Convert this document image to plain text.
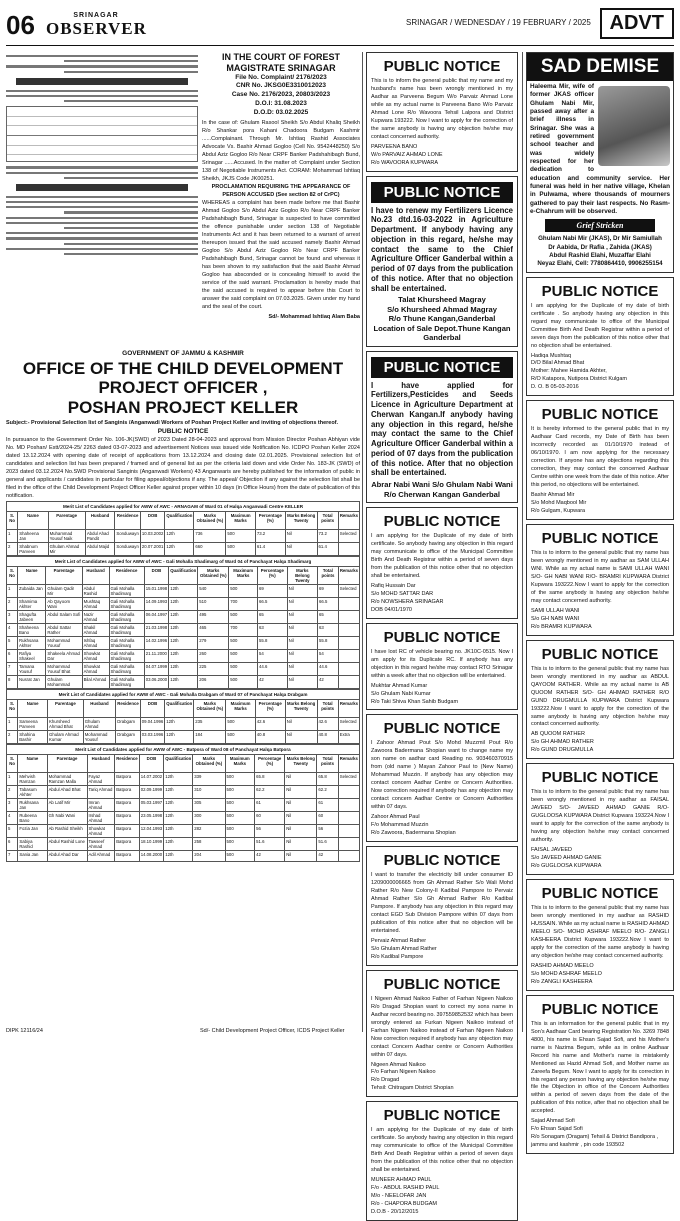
06	SRINAGAR
OBSERVER	SRINAGAR / WEDNESDAY / 19 FEBRUARY / 2025 ADVT
IN THE COURT OF FOREST
MAGISTRATE SRINAGAR
File No. Complaint/ 2176/2023
CNR No. JKSG0E3310012023
Case No. 2176/2023, 20803/2023
D.O.I: 31.08.2023
D.O.D: 03.02.2025
In the case of: Ghulam Rasool Sheikh S/o Abdul Khaliq Sheikh R/o Shankar pora Kahani Chadoora Budgam Kashmir ......Complainant. Through Mr. Ishtiaq Rashid Associates Advocate Vs. Bashir Ahmad Gogloo (Cell No. 9542448250) S/o Abdul Aziz Gogloo R/o Near CRPF Banker Padshahibagh Bund, Srinagar ......Accused. In the matter of: Complaint under Section 138 of Negotiable Instruments Act. CORAM: Mohammad Ishtiaq Sheikh, JKJS Code JK00251.
PROCLAMATION REQUIRING THE APPEARANCE OF PERSON ACCUSED (See section 82 of CrPC)
WHEREAS a complaint has been made before me that Bashir Ahmad Gogloo S/o Abdul Aziz Gogloo R/o Near CRPF Banker Padshahibagh Bund, Srinagar is suspected to have committed the offence punishable under section 138 of Negotiable Instruments Act and it has been returned to a warrant of arrest thereupon issued that the said accused namely Bashir Ahmad Gogloo S/o Abdul Aziz Gogloo R/o Near CRPF Banker Padshahibagh Bund, Srinagar cannot be found and whereas it has been shown to my satisfaction that the said Bashir Ahmad Gogloo has absconded or is concealing himself to avoid the service of the said warrant. Proclamation is hereby made that the said accused is required to appear before this Court to answer the said complaint on 07.03.2025. Given under my hand and the seal of the court.
Sd/- Mohammad Ishtiaq Alam Baba
GOVERNMENT OF JAMMU & KASHMIR
OFFICE OF THE CHILD DEVELOPMENT PROJECT OFFICER ,
POSHAN PROJECT KELLER
Subject:- Provisional Selection list of Sanginis /Anganwadi Workers of Poshan Project Keller and inviting of objections thereof.
PUBLIC NOTICE
In pursuance to the Government Order No. 106-JK(SWD) of 2023 Dated 28-04-2023 and approval from Mission Director Poshan Abhiyan vide No. MD Poshan/ Estt/2024-25/ 2263 dated 03-07-2023 and advertisement Notices was issued vide Notification No. ICDPO Poshan Keller 2024 dated 13.12.2024 with opening date of receipt of applications from 13.12.2024 and closing date 02.01.2025. Provisional selection list of candidates and selection list has been prepared / framed and of general list as per the criteria laid down and vide Order No. 183-JK (SWD) of 2023 dated 03.12.2024 No.SWD Provisional Sanginis (Anganwadi Workers) 43 Anganwaris are hereby published for the information of public in general and applicants / candidates in particular for filing appeal/objections if any. The appeal/ Objection if any against the selection list shall be filed in the office of the Child Development Project Officer Keller against proper within 10 days (in Office Hours) from the date of publication of this notification.
Merit List of Candidates applied for AWW of AWC - ARNAGAM of Ward 01 of Halqa Anganwadi Centre KELLER
S. No	Name	Parentage	Husband	Residence	DOB	Qualification	Marks Obtained (%)	Maximum Marks	Percentage (%)	Marks Belong Twenty	Total points	Remarks
1	Shaheena Jan	Muhammad Yousuf Naik	Abdul Ahad Pandit	Sonduwayn	10.03.2002	12th	736	500	73.2	Nil	73.2	Selected
2	Shabnum Parveen	Ghulam Ahmad Mir	Abdul Majid	Sonduwayn	20.07.2001	12th	660	500	61.4	Nil	61.4	
Merit List of Candidates applied for AWW of AWC - Gali Mohalla Shadimarg of Ward 04 of Panchayat Halqa Shadimarg
S. No	Name	Parentage	Husband	Residence	DOB	Qualification	Marks Obtained (%)	Maximum Marks	Percentage (%)	Marks Belong Twenty	Total points	Remarks
1	Zubaida Jan	Ghulam Qadir Mir	Abdul Rashid	Gali Mohalla Shadimarg	15.01.1998	12th	540	500	69	Nil	69	Selected
2	Shamima Akhter	Ab Qayoom Wani	Mushtaq Ahmad	Gali Mohalla Shadimarg	14.09.1993	12th	510	700	66.5	Nil	66.5	
3	Shagufta Jabeen	Abdul Salam Sofi	Nazir Ahmad	Gali Mohalla Shadimarg	06.04.1997	12th	495	500	65	Nil	65	
4	Shaheena Bano	Abdul Sattar Rather	Shakil Ahmad	Gali Mohalla Shadimarg	21.03.1998	12th	465	700	63	Nil	63	
5	Rukhsana Akhter	Mohammad Yousuf	Ishfaq Ahmad	Gali Mohalla Shadimarg	14.02.1996	12th	279	500	55.8	Nil	55.8	
6	Rafiya Shakeel	Shakeela Ahmad Dar	Showkat Ahmad	Gali Mohalla Shadimarg	21.11.2000	12th	260	500	54	Nil	54	
7	Tamana Yousuf	Mohammad Yousuf Bhat	Showkat Ahmad	Gali Mohalla Shadimarg	04.07.1999	12th	225	500	44.6	Nil	44.6	
8	Nusrat Jan	Ghulam Mohammad	Bilal Ahmad	Gali Mohalla Shadimarg	03.06.2000	12th	206	500	42	Nil	42	
Merit List of Candidates applied for AWW of AWC - Gali Mohalla Drabgam of Ward 07 of Panchayat Halqa Drabgam
S. No	Name	Parentage	Husband	Residence	DOB	Qualification	Marks Obtained (%)	Maximum Marks	Percentage (%)	Marks Belong Twenty	Total points	Remarks
1	Sameena Parveen	Khursheed Ahmad Bhat	Ghulam Ahmad	Drabgam	09.04.1996	12th	235	500	42.6	Nil	42.6	Selected
2	Shahina Bashir	Ghulam Ahmad Kumar	Mohammad Yousuf	Drabgam	03.03.1996	12th	184	500	40.8	Nil	40.8	Extra
Merit List of Candidates applied for AWW of AWC - Batpora of Ward 08 of Panchayat Halqa Batpora
S. No	Name	Parentage	Husband	Residence	DOB	Qualification	Marks Obtained (%)	Maximum Marks	Percentage (%)	Marks Belong Twenty	Total points	Remarks
1	Mehvish Ramzan	Mohammad Ramzan Malla	Fayaz Ahmad	Batpora	14.07.2002	12th	339	500	65.8	Nil	65.8	Selected
2	Tabasum Akhter	Abdul Ahad Bhat	Tariq Ahmad	Batpora	02.09.1999	12th	310	500	62.2	Nil	62.2	
3	Rukhsana Jan	Ab Latif Mir	Imran Ahmad	Batpora	05.03.1997	12th	305	500	61	Nil	61	
4	Rubeena Bano	Gh Nabi Wani	Irshad Ahmad	Batpora	23.05.1998	12th	300	500	60	Nil	60	
5	Fozia Jan	Ab Rashid Sheikh	Showkat Ahmad	Batpora	12.04.1993	12th	282	500	56	Nil	56	
6	Sabiya Rashid	Abdul Rashid Lone	Tawseef Ahmad	Batpora	18.10.1999	12th	258	500	51.6	Nil	51.6	
7	Sania Jan	Abdul Ahad Dar	Adil Ahmad	Batpora	14.08.2000	12th	204	500	42	Nil	42	
DIPK 12116/24	Sd/- Child Development Project Officer, ICDS Project Keller
PUBLIC NOTICE
This is to inform the general public that my name and my husband's name has been wrongly mentioned in my Aadhar as Parveena Begum W/o Parvaiz Ahmad Lone while as my actual name is Parveena Bano W/o Parvaiz Ahmad Lone R/o Wavoora Tehsil Lalpora and District Kupwara 193222. Now I want to apply for the correction of the same anybody is having any objection he/she may contact concerned authority.
PARVEENA BANO
W/o PARVAIZ AHMAD LONE
R/o WAVOORA KUPWARA
PUBLIC NOTICE
I have to renew my Fertilizers Licence No.23 dtd.16-03-2022 in Agriculture Department. If anybody having any objection in this regard, he/she may contact the same to the Chief Agriculture Officer Ganderbal within a period of 07 days from the publication of this notice. After that no objection shall be entertained.
Talat Khursheed Magray
S/o Khursheed Ahmad Magray
R/o Thune Kangan,Ganderbal
Location of Sale Depot.Thune Kangan Ganderbal
PUBLIC NOTICE
I have applied for Fertilizers,Pesticides and Seeds Licence in Agriculture Department at Cherwan Kangan.If anybody having any objection in this regard, he/she may contact the same to the Chief Agriculture Officer Ganderbal within a period of 07 days from the publication of this notice. After that no objection shall be entertained.
Abrar Nabi Wani S/o Ghulam Nabi Wani
R/o Cherwan Kangan Ganderbal
PUBLIC NOTICE
I am applying for the Duplicate of my date of birth certificate. So anybody having any objection in this regard may communicate to office of the Municipal Committee Birth And Death Registrar within a period of seven days from the publication of this notice other that no objection shall be entertained.
Rafiq Hussain Dar
S/o MOHD SATTAR DAR
R/o NOWSHERA SRINAGAR
DOB 04/01/1970
PUBLIC NOTICE
I have lost RC of vehicle bearing no. JK10C-0515. Now I am apply for its Duplicate RC. If anybody has any objection in this regard he/she may contact RTO Srinagar within a week after that no objection will be entertained.
Mukhtar Ahmad Kumar
S/o Ghulam Nabi Kumar
R/o Taki Shiva Khan Sahib Budgam
PUBLIC NOTICE
I Zahoor Ahmad Pout S/o Mohd Muzzmil Pout R/o Zawoora Badermana Shopian want to change name my son name on aadhar card Reading no. 903460370915 from (old name ) Mayan Zahoor Paul to (New Name) Mohammad Muzzin. If anybody has any objection may contact concern Aadhar Centre or Concern Authorities. Now correction required if anybody has any objection may contact concern Aadhar Centre or Concern Authorities within 07 days.
Zahoor Ahmad Paul
F/o Mohammad Muzzin
R/o Zawoora, Badermana Shopian
PUBLIC NOTICE
I want to transfer the electricity bill under consumer ID 1209000006665 from Gh Ahmad Rather S/o Wali Mohd Rather R/o New Colony-II Kadibal Pampore to Pervaiz Ahmad Rather S/o Gh Ahmad Rather R/o Kadibal Pampore. If anybody has any objection in this regard may contact EGD Sub Division Pampore within 07 days from publication of this notice after that no objection will be entertained.
Pervaiz Ahmad Rather
S/o Ghulam Ahmad Rather
R/o Kadibal Pampore
PUBLIC NOTICE
I Nigeen Ahmad Naikoo Father of Farhan Nigeen Naikoo R/o Dragad Shopian want to correct my sons name in Aadhar record bearing no. 397559852532 which has been wrongly entered as Furkan Nigeen Naikoo instead of Farhan Nigeen Naikoo instead of Farhan Nigeen Naikoo Now correction required if anybody has any objection may contact Concern Aadhar centre or Concern Authorities within 07 days.
Nigeen Ahmad Naikoo
F/o Farhan Nigeen Naikoo
R/o Dragad
Tehsil: Chitragam District Shopian
PUBLIC NOTICE
I am applying for the Duplicate of my date of birth certificate. So anybody having any objection in this regard may communicate to office of the Municipal Committee Birth And Death Registrar within a period of seven days from the publication of this notice other that no objection shall be entertained.
MUNEER AHMAD PAUL
F/o - ABDUL RASHID PAUL
M/o - NEELOFAR JAN
R/o - CHAPORA BUDGAM
D.O.B - 20/12/2015
SAD DEMISE
Haleema Mir, wife of former JKAS officer Ghulam Nabi Mir, passed away after a brief illness in Srinagar. She was a retired government school teacher and was widely respected for her dedication to education and community service. Her funeral was held in her native village, Khelan in Pulwama, where thousands of mourners gathered to pay their last respects. No Rasm-e-Chahrum will be observed.
Grief Stricken
Ghulam Nabi Mir (JKAS), Dr Mir Samiullah
Dr Aabida, Dr Rafia , Zahida (JKAS)
Abdul Rashid Elahi, Muzaffar Elahi
Neyaz Elahi, Cell: 7780864410, 9906255154
PUBLIC NOTICE
I am applying for the Duplicate of my date of birth certificate . So anybody having any objection in this regard may communicate to office of the Municipal Committee Birth And Death Registrar within a period of seven days from the publication of this notice other that no objection shall be entertained.
Hadiqa Mushtaq
D/O Bilal Ahmad Bhat
Mother: Mahee Hamida Akhter,
R/O Katapora, Nutipora District Kulgam
D. O. B 05-03-2016
PUBLIC NOTICE
It is hereby informed to the general public that in my Aadhaar Card records, my Date of Birth has been incorrectly recorded as 01/10/1970 instead of 06/10/1970. I am now applying for the necessary correction. If anyone has any objections regarding this correction, they may contact the concerned Aadhaar Centre within one week from the date of this notice. After this period, no objections will be entertained.
Bashir Ahmad Mir
S/o Mohd Maqbool Mir
R/o Gulgam, Kupwara
PUBLIC NOTICE
This is to inform to the general public that my name has been wrongly mentioned in my aadhar as SAM ULLAH WNI. While as my actual name is SAMI ULLAH WANI S/O- GH NABI WANI R/O- BRAMRI KUPWARA District Kupwara 193222.Now I want to apply for the correction of the same anybody is having any objection he/she may contact concerned authority.
SAMI ULLAH WANI
S/o GH NABI WANI
R/o BRAMRI KUPWARA
PUBLIC NOTICE
This is to inform to the general public that my name has been wrongly mentioned in my aadhar as ABDUL QAYOOM RATHER. While as my actual name is AB QUOOM RATHER S/O- GH AHMAD RATHER R/O GUND DRUGMULLA KUPWARA District Kupwara 193222.Now I want to apply for the correction of the same anybody is having any objection he/she may contact concerned authority.
AB QUOOM RATHER
S/o GH AHMAD RATHER
R/o GUND DRUGMULLA
PUBLIC NOTICE
This is to inform to the general public that my name has been wrongly mentioned in my aadhar as FAISAL JAVEED S/O- JAVEED AHMAD GANIE R/O- GUGLOOSA KUPWARA District Kupwara 193224.Now I want to apply for the correction of the same anybody is having any objection he/she may contact concerned authority.
FAISAL JAVEED
S/o JAVEED AHMAD GANIE
R/o GUGLOOSA KUPWARA
PUBLIC NOTICE
This is to inform to the general public that my name has been wrongly mentioned in my aadhar as RASHID HUSSAIN. While as my actual name is RASHID AHMAD MEELO S/O- MOHD ASHRAF MEELO R/O- ZANGLI KASHEERA District Kupwara 193222.Now I want to apply for the correction of the same anybody is having any objection he/she may contact concerned authority.
RASHID AHMAD MEELO
S/o MOHD ASHRAF MEELO
R/o ZANGLI KASHEERA
PUBLIC NOTICE
This is an information for the general public that in my Son's Aadhaar Card bearing Registration No. 3269 7848 4800, his name is Ehsan Sajad Sofi, and his Mother's name is Nazima Begum, while as in online Aadhaar Record his name and Mother's name is mistakenly Mentioned as Hazid Ahmad Sofi, and Mother name as Zareefa Begum. Now I want to apply for its correction in this regard any person having any objection he/she may file the Objection in office of the Concern Authorities within a period of seven days from the date of the publication of this notice, after that no objection shall be accepted.
Sajad Ahmad Sofi
F/o Ehsan Sajad Sofi
R/o Sonagam (Dragam) Tehsil & District Bandipora ,
jammu and kashmir , pin code 193502
